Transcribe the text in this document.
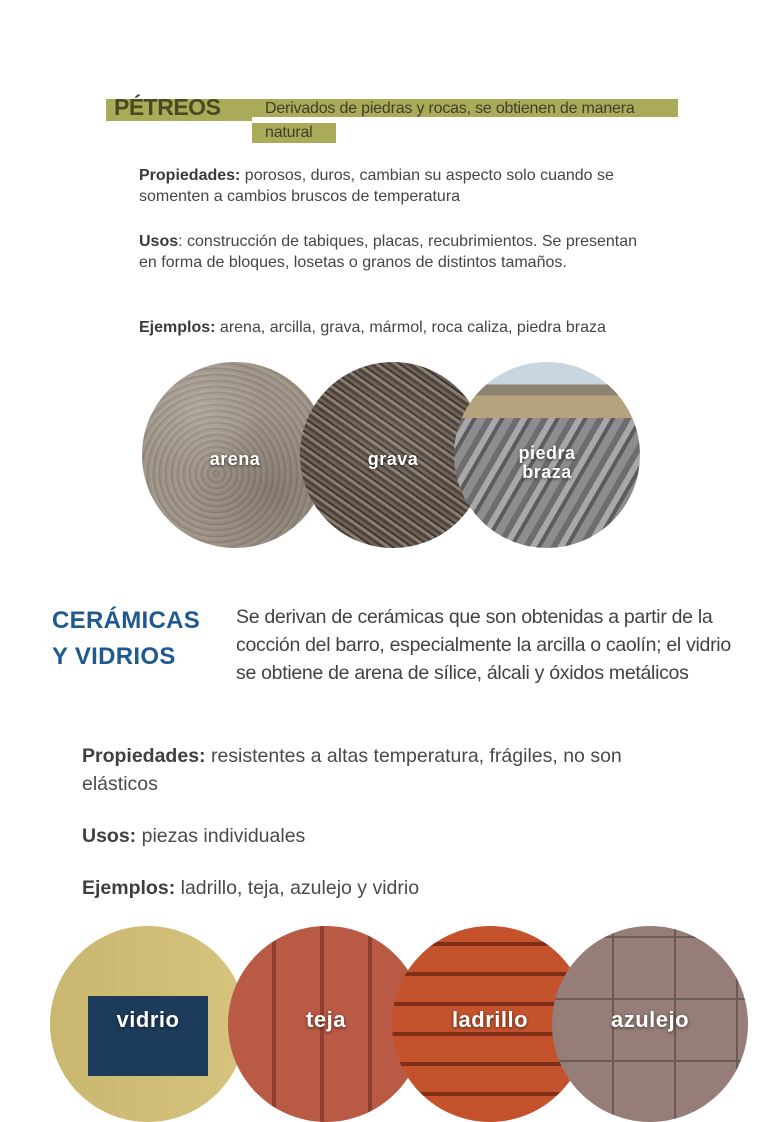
PÉTREOS	Derivados de piedras y rocas, se obtienen de manera natural
Propiedades: porosos, duros, cambian su aspecto solo cuando se somenten a cambios bruscos de temperatura
Usos: construcción de tabiques, placas, recubrimientos. Se presentan en forma de bloques, losetas o granos de distintos tamaños.
Ejemplos: arena, arcilla, grava, mármol, roca caliza, piedra braza
arena	grava	piedra braza
CERÁMICAS
Y VIDRIOS
Se derivan de cerámicas que son obtenidas a partir de la cocción del barro, especialmente la arcilla o caolín; el vidrio se obtiene de arena de sílice, álcali y óxidos metálicos
Propiedades: resistentes a altas temperatura, frágiles, no son elásticos
Usos: piezas individuales
Ejemplos: ladrillo, teja, azulejo y vidrio
vidrio	teja	ladrillo	azulejo
